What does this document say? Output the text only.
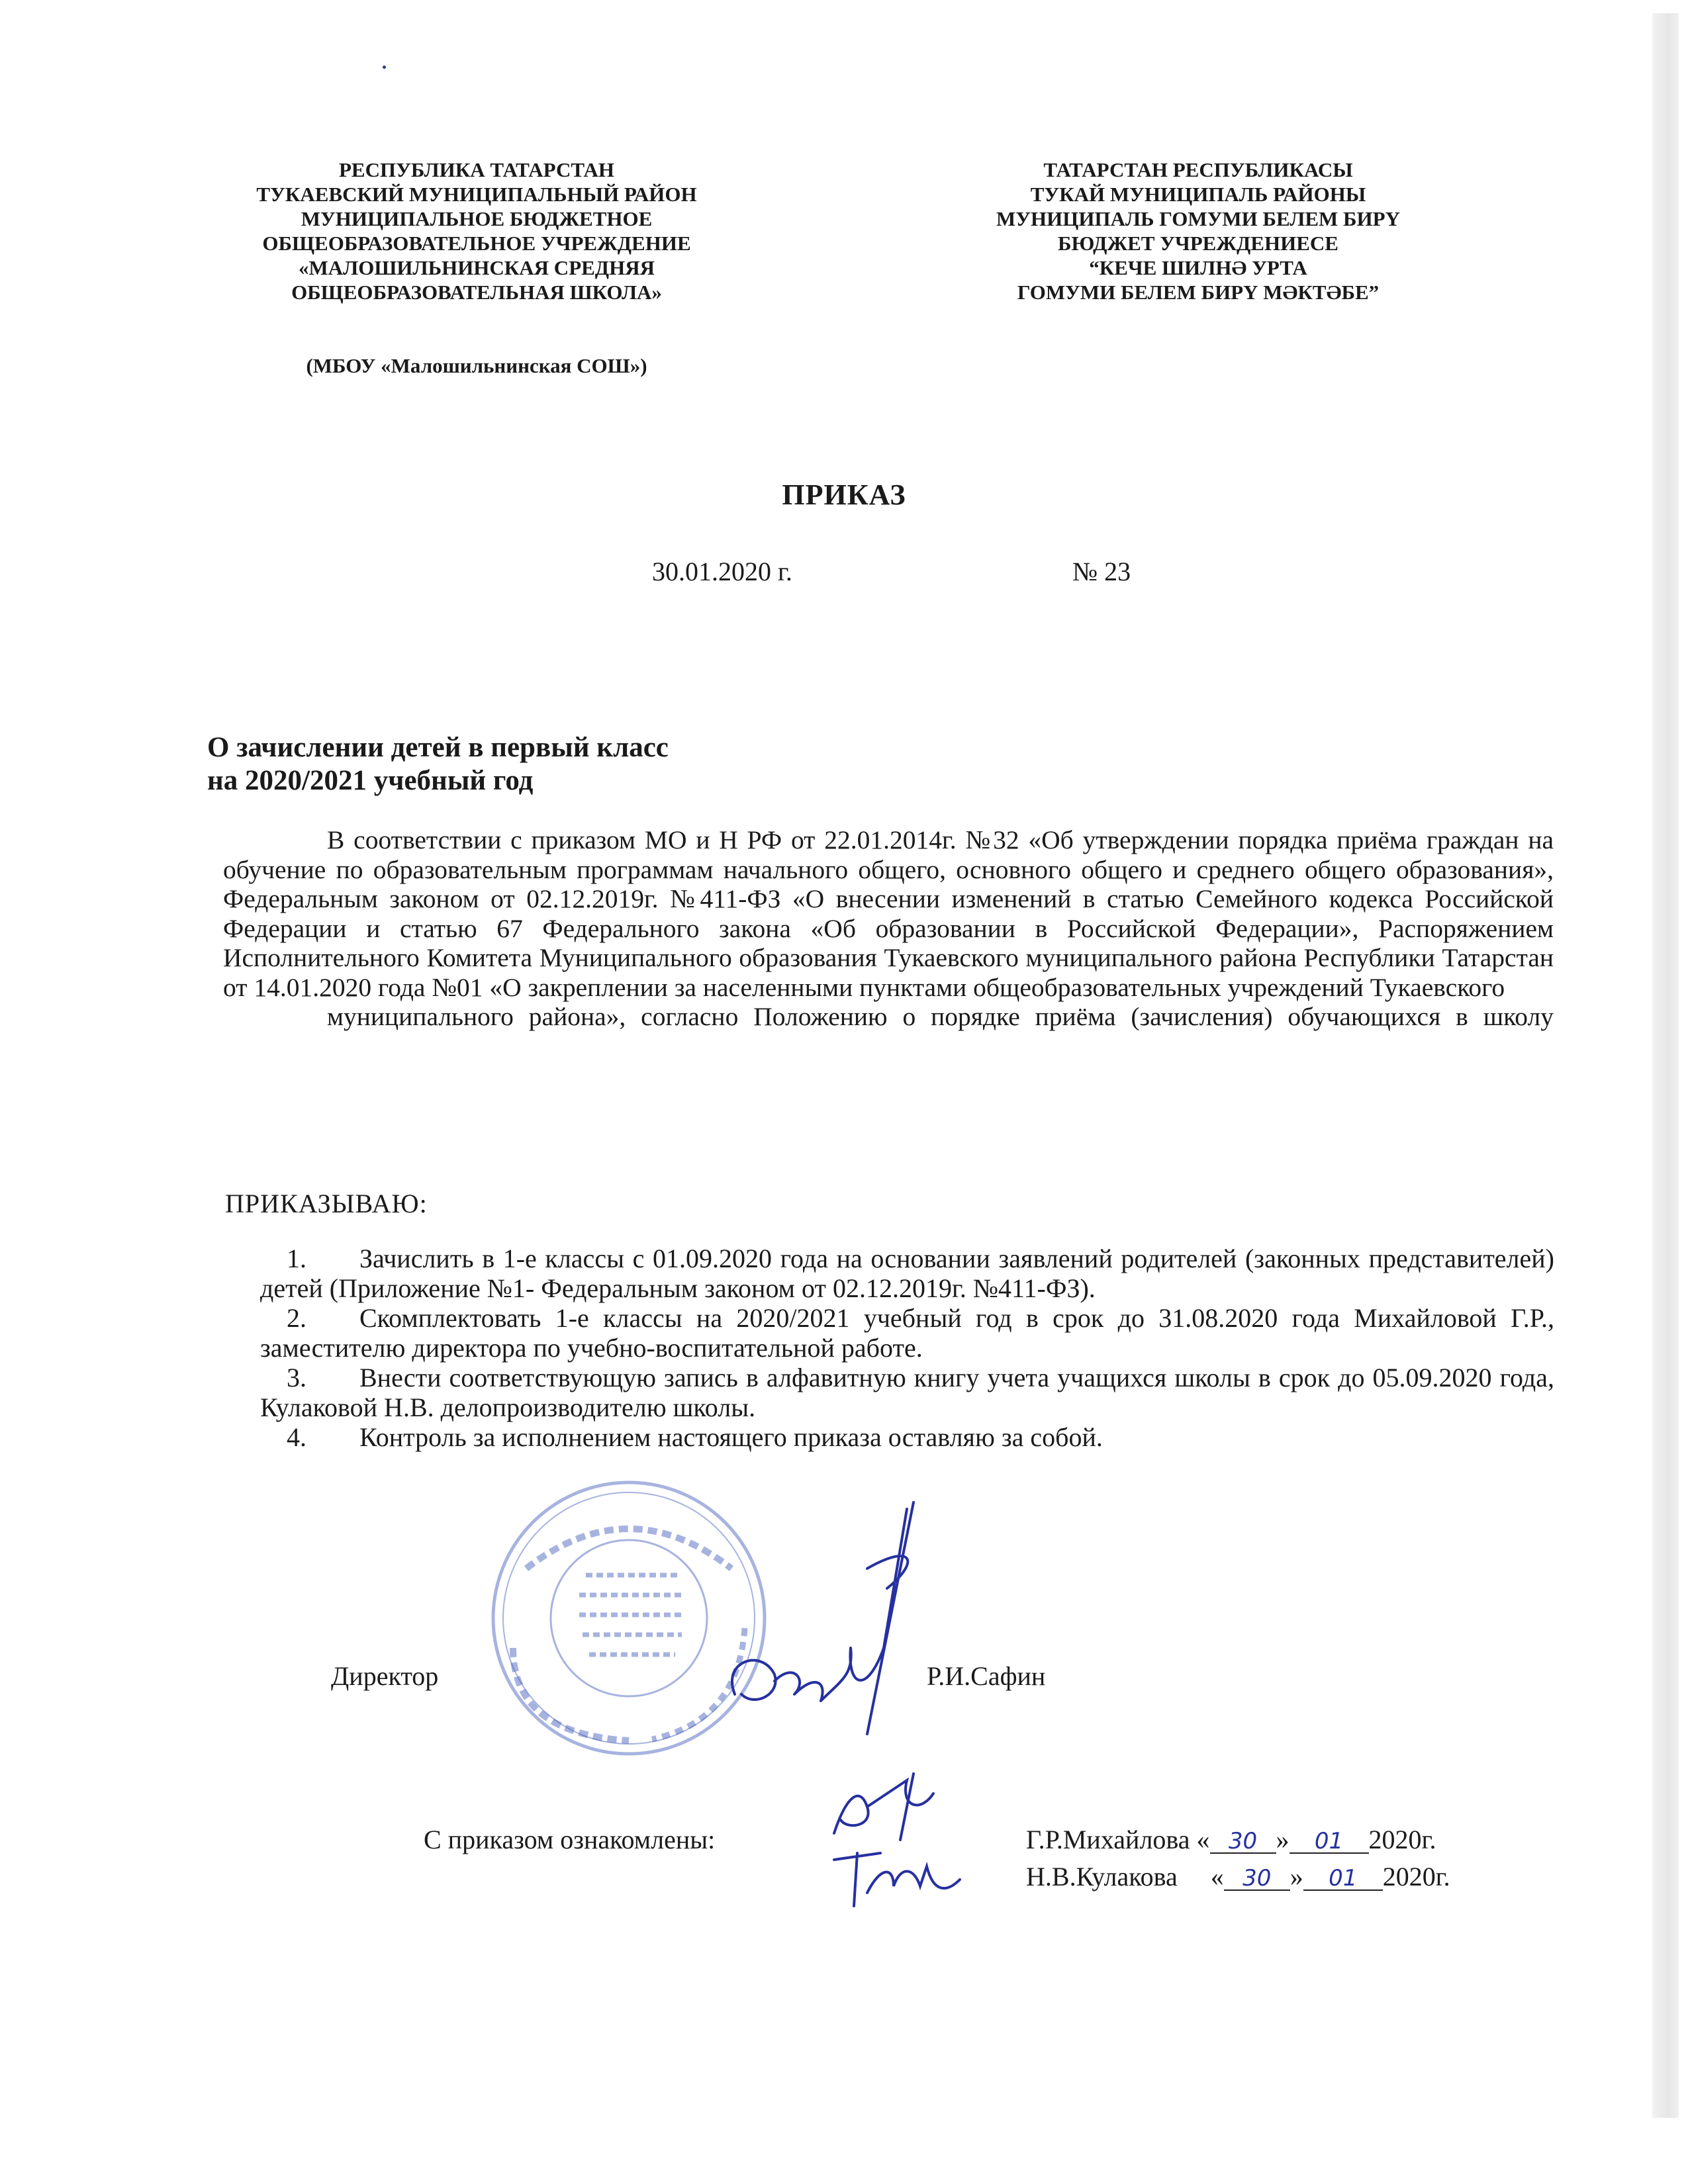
РЕСПУБЛИКА ТАТАРСТАН
ТУКАЕВСКИЙ МУНИЦИПАЛЬНЫЙ РАЙОН
МУНИЦИПАЛЬНОЕ БЮДЖЕТНОЕ
ОБЩЕОБРАЗОВАТЕЛЬНОЕ УЧРЕЖДЕНИЕ
«МАЛОШИЛЬНИНСКАЯ СРЕДНЯЯ
ОБЩЕОБРАЗОВАТЕЛЬНАЯ ШКОЛА»
(МБОУ «Малошильнинская СОШ»)
ТАТАРСТАН РЕСПУБЛИКАСЫ
ТУКАЙ МУНИЦИПАЛЬ РАЙОНЫ
МУНИЦИПАЛЬ ГОМУМИ БЕЛЕМ БИРҮ
БЮДЖЕТ УЧРЕЖДЕНИЕСЕ
“КЕЧЕ ШИЛНӘ УРТА
ГОМУМИ БЕЛЕМ БИРҮ МӘКТӘБЕ”
ПРИКАЗ
30.01.2020 г.	№ 23
О зачислении детей в первый класс
на 2020/2021 учебный год
В соответствии с приказом МО и Н РФ от 22.01.2014г. №32 «Об утверждении порядка приёма граждан на обучение по образовательным программам начального общего, основного общего и среднего общего образования», Федеральным законом от 02.12.2019г. №411-ФЗ «О внесении изменений в статью Семейного кодекса Российской Федерации и статью 67 Федерального закона «Об образовании в Российской Федерации», Распоряжением Исполнительного Комитета Муниципального образования Тукаевского муниципального района Республики Татарстан от 14.01.2020 года №01 «О закреплении за населенными пунктами общеобразовательных учреждений Тукаевского
муниципального района», согласно Положению о порядке приёма (зачисления) обучающихся в школу
ПРИКАЗЫВАЮ:
1. Зачислить в 1-е классы с 01.09.2020 года на основании заявлений родителей (законных представителей) детей (Приложение №1- Федеральным законом от 02.12.2019г. №411-ФЗ).
2. Скомплектовать 1-е классы на 2020/2021 учебный год в срок до 31.08.2020 года Михайловой Г.Р., заместителю директора по учебно-воспитательной работе.
3. Внести соответствующую запись в алфавитную книгу учета учащихся школы в срок до 05.09.2020 года, Кулаковой Н.В. делопроизводителю школы.
4. Контроль за исполнением настоящего приказа оставляю за собой.
Директор	Р.И.Сафин
С приказом ознакомлены:	Г.Р.Михайлова « 30 » 01 2020г.
Н.В.Кулакова « 30 » 01 2020г.
